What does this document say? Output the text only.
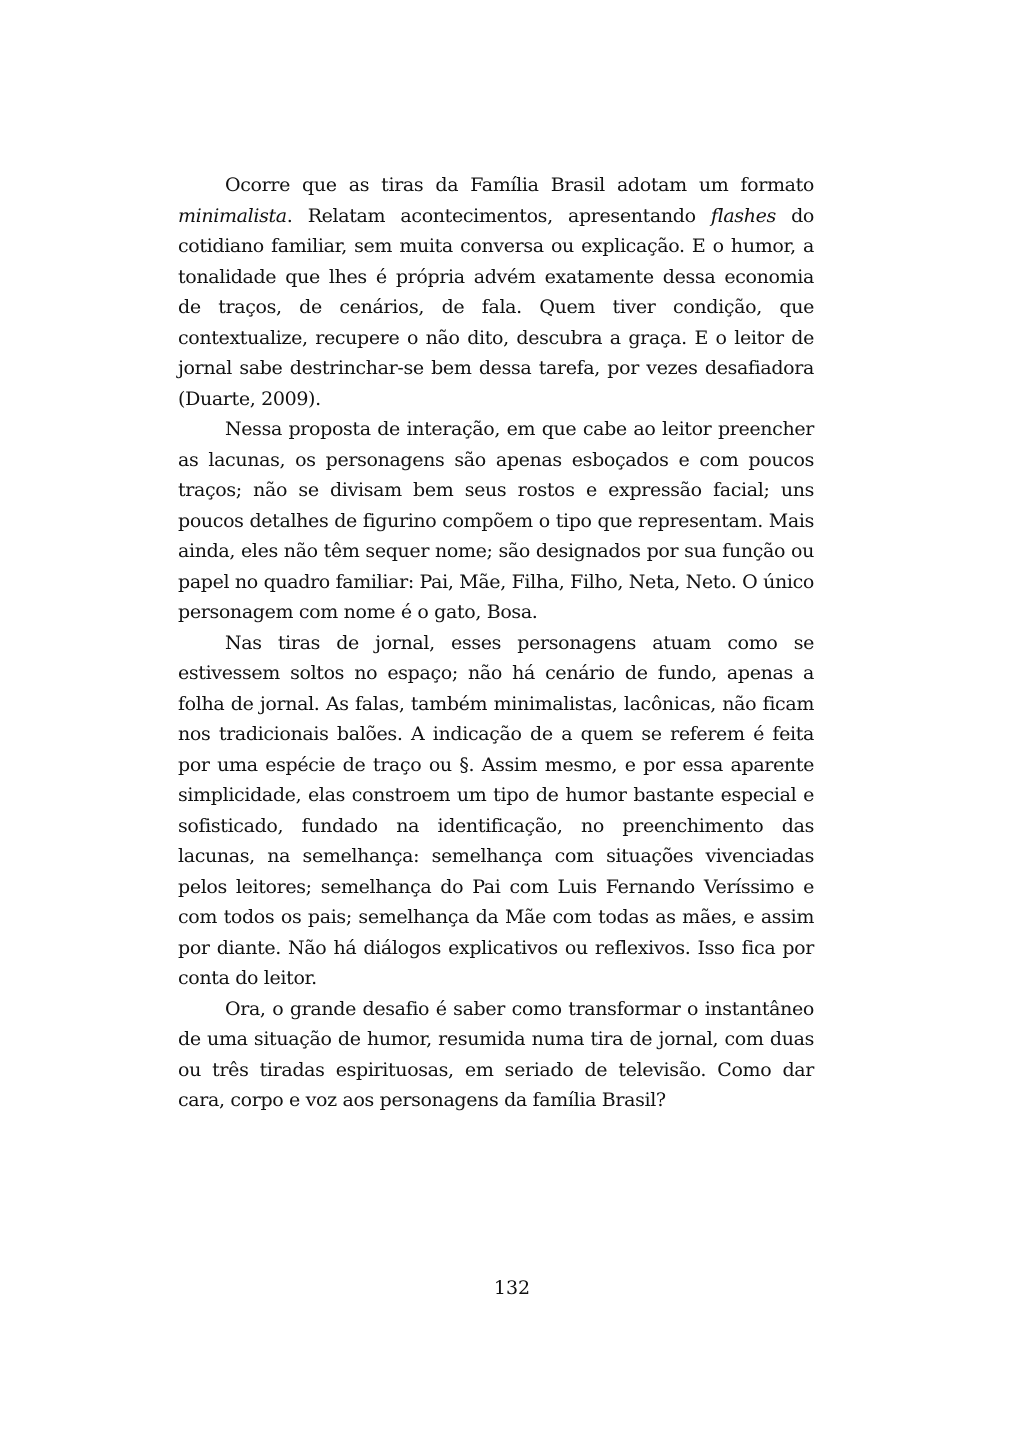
Ocorre que as tiras da Família Brasil adotam um formato minimalista. Relatam acontecimentos, apresentando flashes do cotidiano familiar, sem muita conversa ou explicação. E o humor, a tonalidade que lhes é própria advém exatamente dessa economia de traços, de cenários, de fala. Quem tiver condição, que contextualize, recupere o não dito, descubra a graça. E o leitor de jornal sabe destrinchar-se bem dessa tarefa, por vezes desafiadora (Duarte, 2009).

Nessa proposta de interação, em que cabe ao leitor preencher as lacunas, os personagens são apenas esboçados e com poucos traços; não se divisam bem seus rostos e expressão facial; uns poucos detalhes de figurino compõem o tipo que representam. Mais ainda, eles não têm sequer nome; são designados por sua função ou papel no quadro familiar: Pai, Mãe, Filha, Filho, Neta, Neto. O único personagem com nome é o gato, Bosa.

Nas tiras de jornal, esses personagens atuam como se estivessem soltos no espaço; não há cenário de fundo, apenas a folha de jornal. As falas, também minimalistas, lacônicas, não ficam nos tradicionais balões. A indicação de a quem se referem é feita por uma espécie de traço ou §. Assim mesmo, e por essa aparente simplicidade, elas constroem um tipo de humor bastante especial e sofisticado, fundado na identificação, no preenchimento das lacunas, na semelhança: semelhança com situações vivenciadas pelos leitores; semelhança do Pai com Luis Fernando Veríssimo e com todos os pais; semelhança da Mãe com todas as mães, e assim por diante. Não há diálogos explicativos ou reflexivos. Isso fica por conta do leitor.

Ora, o grande desafio é saber como transformar o instantâneo de uma situação de humor, resumida numa tira de jornal, com duas ou três tiradas espirituosas, em seriado de televisão. Como dar cara, corpo e voz aos personagens da família Brasil?

132
